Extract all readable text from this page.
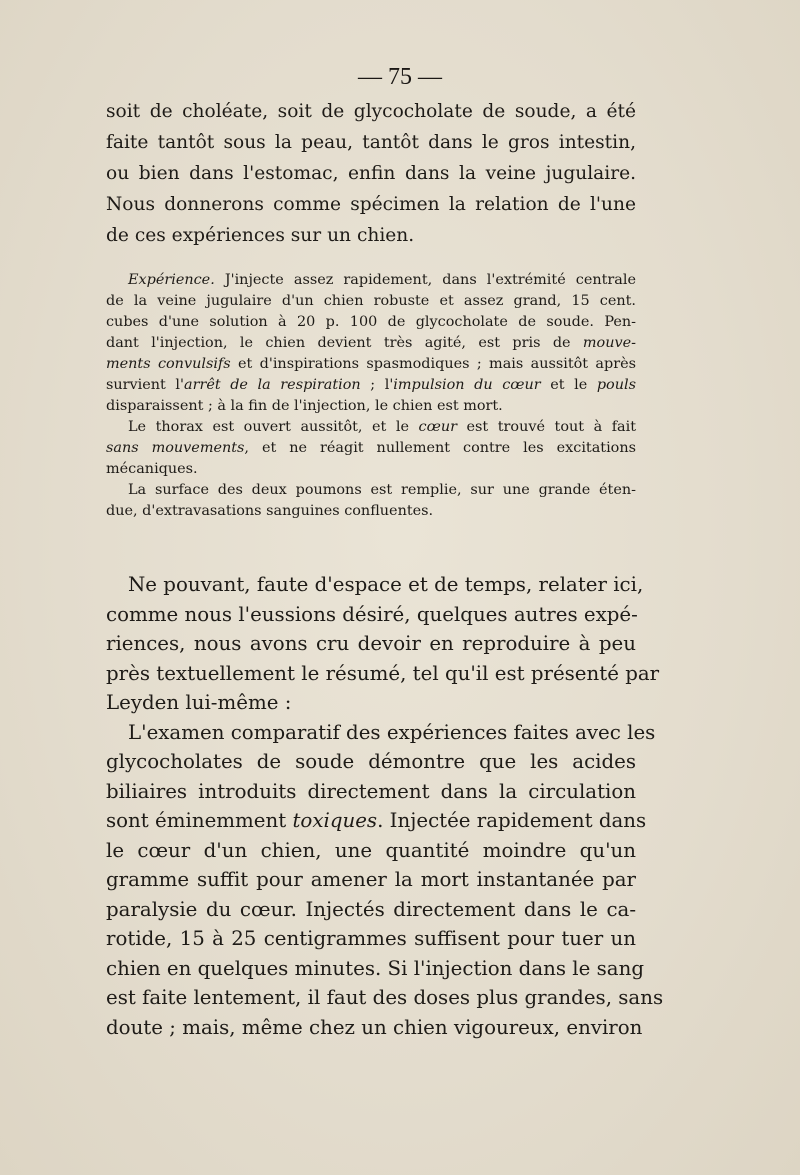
— 75 —
soit de choléate, soit de glycocholate de soude, a été
faite tantôt sous la peau, tantôt dans le gros intestin,
ou bien dans l'estomac, enfin dans la veine jugulaire.
Nous donnerons comme spécimen la relation de l'une
de ces expériences sur un chien.
Expérience. J'injecte assez rapidement, dans l'extrémité centrale
de la veine jugulaire d'un chien robuste et assez grand, 15 cent.
cubes d'une solution à 20 p. 100 de glycocholate de soude. Pen-
dant l'injection, le chien devient très agité, est pris de mouve-
ments convulsifs et d'inspirations spasmodiques ; mais aussitôt après
survient l'arrêt de la respiration ; l'impulsion du cœur et le pouls
disparaissent ; à la fin de l'injection, le chien est mort.
Le thorax est ouvert aussitôt, et le cœur est trouvé tout à fait
sans mouvements, et ne réagit nullement contre les excitations
mécaniques.
La surface des deux poumons est remplie, sur une grande éten-
due, d'extravasations sanguines confluentes.
Ne pouvant, faute d'espace et de temps, relater ici,
comme nous l'eussions désiré, quelques autres expé-
riences, nous avons cru devoir en reproduire à peu
près textuellement le résumé, tel qu'il est présenté par
Leyden lui-même :
L'examen comparatif des expériences faites avec les
glycocholates de soude démontre que les acides
biliaires introduits directement dans la circulation
sont éminemment toxiques. Injectée rapidement dans
le cœur d'un chien, une quantité moindre qu'un
gramme suffit pour amener la mort instantanée par
paralysie du cœur. Injectés directement dans le ca-
rotide, 15 à 25 centigrammes suffisent pour tuer un
chien en quelques minutes. Si l'injection dans le sang
est faite lentement, il faut des doses plus grandes, sans
doute ; mais, même chez un chien vigoureux, environ
